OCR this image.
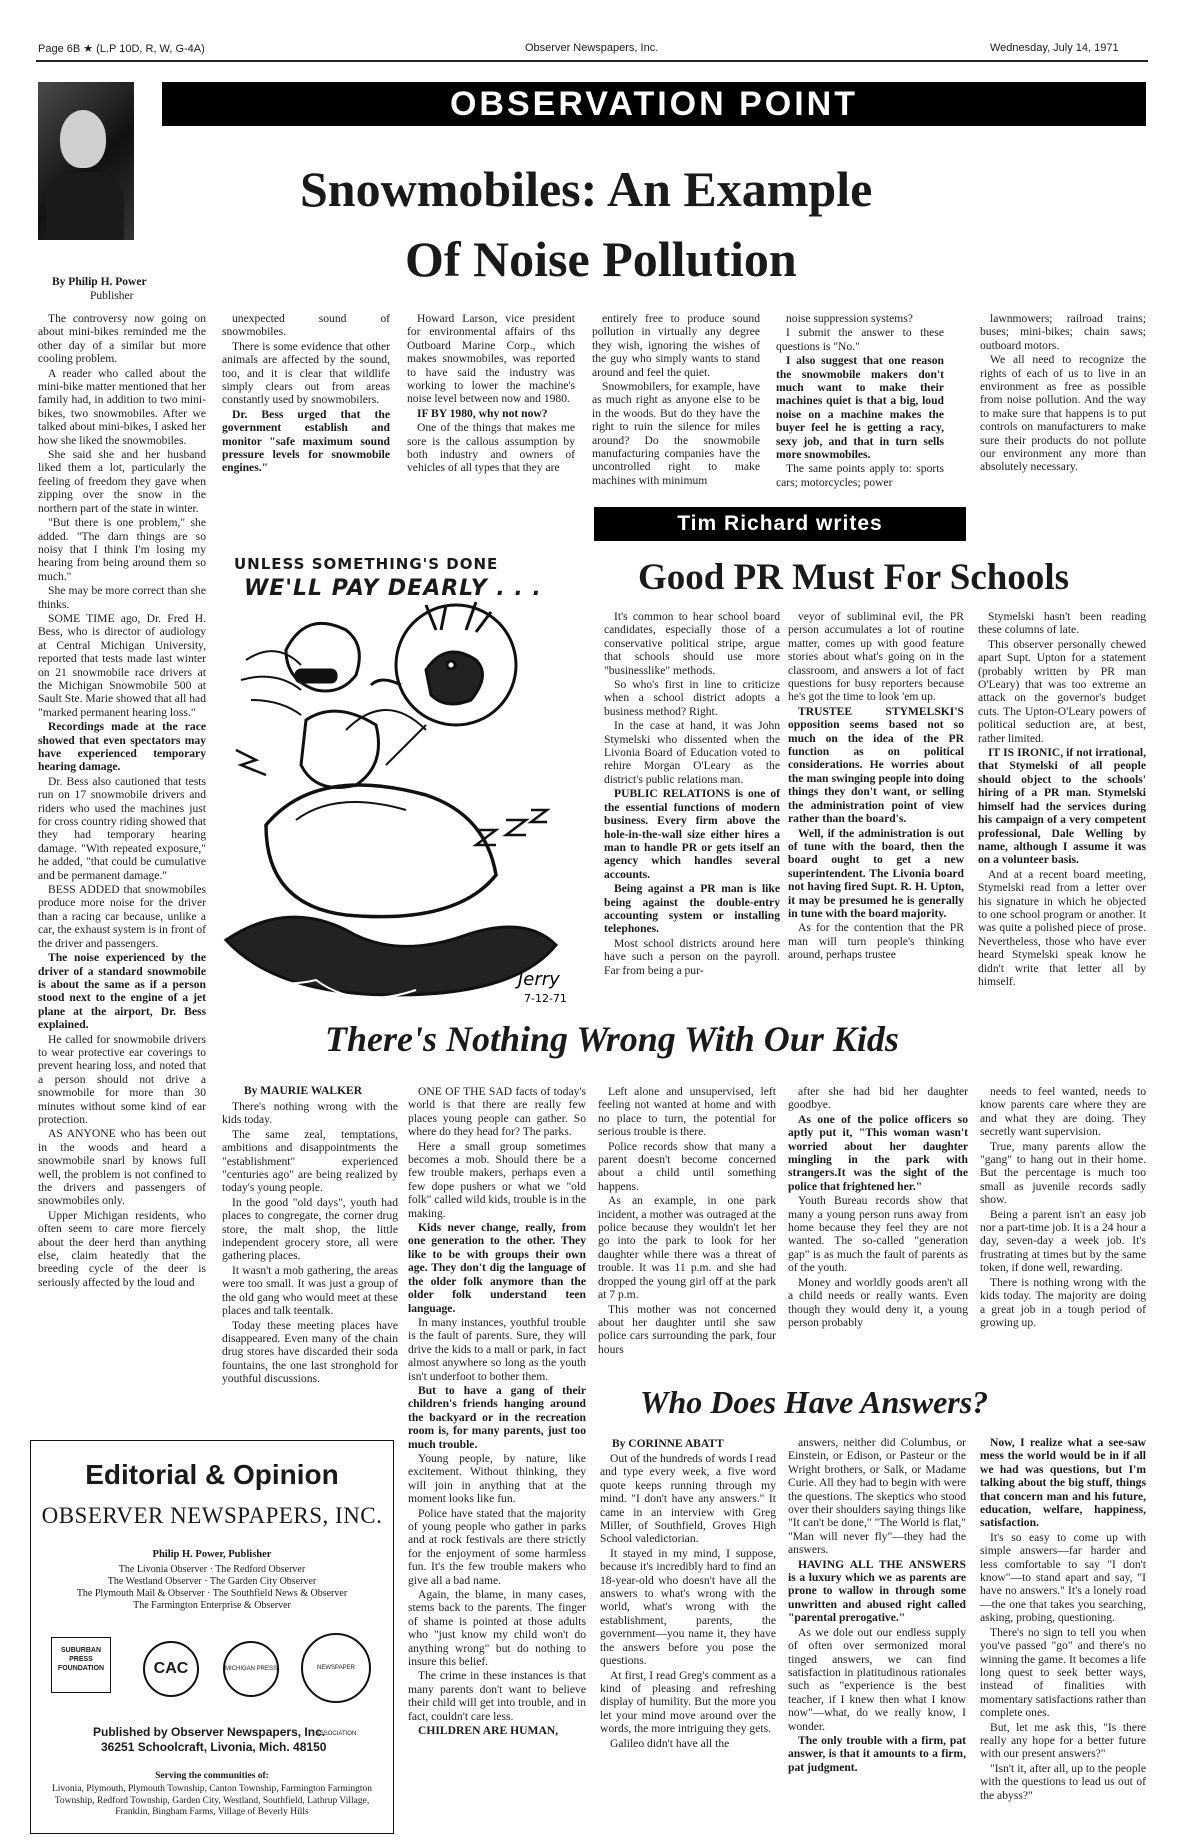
Page 6B ★ (L.P 10D, R, W, G-4A)	Observer Newspapers, Inc.	Wednesday, July 14, 1971
By Philip H. Power
Publisher
OBSERVATION POINT
Snowmobiles: An Example
Of Noise Pollution

The controversy now going on about mini-bikes reminded me the other day of a similar but more cooling problem.

A reader who called about the mini-bike matter mentioned that her family had, in addition to two mini-bikes, two snowmobiles. After we talked about mini-bikes, I asked her how she liked the snowmobiles.

She said she and her husband liked them a lot, particularly the feeling of freedom they gave when zipping over the snow in the northern part of the state in winter.

"But there is one problem," she added. "The darn things are so noisy that I think I'm losing my hearing from being around them so much."

She may be more correct than she thinks.

SOME TIME ago, Dr. Fred H. Bess, who is director of audiology at Central Michigan University, reported that tests made last winter on 21 snowmobile race drivers at the Michigan Snowmobile 500 at Sault Ste. Marie showed that all had "marked permanent hearing loss."

Recordings made at the race showed that even spectators may have experienced temporary hearing damage.

Dr. Bess also cautioned that tests run on 17 snowmobile drivers and riders who used the machines just for cross country riding showed that they had temporary hearing damage. "With repeated exposure," he added, "that could be cumulative and be permanent damage."

BESS ADDED that snowmobiles produce more noise for the driver than a racing car because, unlike a car, the exhaust system is in front of the driver and passengers.

The noise experienced by the driver of a standard snowmobile is about the same as if a person stood next to the engine of a jet plane at the airport, Dr. Bess explained.

He called for snowmobile drivers to wear protective ear coverings to prevent hearing loss, and noted that a person should not drive a snowmobile for more than 30 minutes without some kind of ear protection.

AS ANYONE who has been out in the woods and heard a snowmobile snarl by knows full well, the problem is not confined to the drivers and passengers of snowmobiles only.

Upper Michigan residents, who often seem to care more fiercely about the deer herd than anything else, claim heatedly that the breeding cycle of the deer is seriously affected by the loud and

unexpected sound of snowmobiles.

There is some evidence that other animals are affected by the sound, too, and it is clear that wildlife simply clears out from areas constantly used by snowmobilers.

Dr. Bess urged that the government establish and monitor "safe maximum sound pressure levels for snowmobile engines."

Howard Larson, vice president for environmental affairs of ths Outboard Marine Corp., which makes snowmobiles, was reported to have said the industry was working to lower the machine's noise level between now and 1980.

IF BY 1980, why not now?

One of the things that makes me sore is the callous assumption by both industry and owners of vehicles of all types that they are

entirely free to produce sound pollution in virtually any degree they wish, ignoring the wishes of the guy who simply wants to stand around and feel the quiet.

Snowmobilers, for example, have as much right as anyone else to be in the woods. But do they have the right to ruin the silence for miles around? Do the snowmobile manufacturing companies have the uncontrolled right to make machines with minimum

noise suppression systems?

I submit the answer to these questions is "No."

I also suggest that one reason the snowmobile makers don't much want to make their machines quiet is that a big, loud noise on a machine makes the buyer feel he is getting a racy, sexy job, and that in turn sells more snowmobiles.

The same points apply to: sports cars; motorcycles; power

lawnmowers; railroad trains; buses; mini-bikes; chain saws; outboard motors.

We all need to recognize the rights of each of us to live in an environment as free as possible from noise pollution. And the way to make sure that happens is to put controls on manufacturers to make sure their products do not pollute our environment any more than absolutely necessary.

UNLESS SOMETHING'S DONE
WE'LL PAY DEARLY . . .
Jerry
7-12-71
Tim Richard writes
Good PR Must For Schools

It's common to hear school board candidates, especially those of a conservative political stripe, argue that schools should use more "businesslike" methods.

So who's first in line to criticize when a school district adopts a business method? Right.

In the case at hand, it was John Stymelski who dissented when the Livonia Board of Education voted to rehire Morgan O'Leary as the district's public relations man.

PUBLIC RELATIONS is one of the essential functions of modern business. Every firm above the hole-in-the-wall size either hires a man to handle PR or gets itself an agency which handles several accounts.

Being against a PR man is like being against the double-entry accounting system or installing telephones.

Most school districts around here have such a person on the payroll. Far from being a pur-

veyor of subliminal evil, the PR person accumulates a lot of routine matter, comes up with good feature stories about what's going on in the classroom, and answers a lot of fact questions for busy reporters because he's got the time to look 'em up.

TRUSTEE STYMELSKI'S opposition seems based not so much on the idea of the PR function as on political considerations. He worries about the man swinging people into doing things they don't want, or selling the administration point of view rather than the board's.

Well, if the administration is out of tune with the board, then the board ought to get a new superintendent. The Livonia board not having fired Supt. R. H. Upton, it may be presumed he is generally in tune with the board majority.

As for the contention that the PR man will turn people's thinking around, perhaps trustee

Stymelski hasn't been reading these columns of late.

This observer personally chewed apart Supt. Upton for a statement (probably written by PR man O'Leary) that was too extreme an attack on the governor's budget cuts. The Upton-O'Leary powers of political seduction are, at best, rather limited.

IT IS IRONIC, if not irrational, that Stymelski of all people should object to the schools' hiring of a PR man. Stymelski himself had the services during his campaign of a very competent professional, Dale Welling by name, although I assume it was on a volunteer basis.

And at a recent board meeting, Stymelski read from a letter over his signature in which he objected to one school program or another. It was quite a polished piece of prose. Nevertheless, those who have ever heard Stymelski speak know he didn't write that letter all by himself.

There's Nothing Wrong With Our Kids
By MAURIE WALKER

There's nothing wrong with the kids today.

The same zeal, temptations, ambitions and disappointments the "establishment" experienced "centuries ago" are being realized by today's young people.

In the good "old days", youth had places to congregate, the corner drug store, the malt shop, the little independent grocery store, all were gathering places.

It wasn't a mob gathering, the areas were too small. It was just a group of the old gang who would meet at these places and talk teentalk.

Today these meeting places have disappeared. Even many of the chain drug stores have discarded their soda fountains, the one last stronghold for youthful discussions.

ONE OF THE SAD facts of today's world is that there are really few places young people can gather. So where do they head for? The parks.

Here a small group sometimes becomes a mob. Should there be a few trouble makers, perhaps even a few dope pushers or what we "old folk" called wild kids, trouble is in the making.

Kids never change, really, from one generation to the other. They like to be with groups their own age. They don't dig the language of the older folk anymore than the older folk understand teen language.

In many instances, youthful trouble is the fault of parents. Sure, they will drive the kids to a mall or park, in fact almost anywhere so long as the youth isn't underfoot to bother them.

But to have a gang of their children's friends hanging around the backyard or in the recreation room is, for many parents, just too much trouble.

Young people, by nature, like excitement. Without thinking, they will join in anything that at the moment looks like fun.

Police have stated that the majority of young people who gather in parks and at rock festivals are there strictly for the enjoyment of some harmless fun. It's the few trouble makers who give all a bad name.

Again, the blame, in many cases, stems back to the parents. The finger of shame is pointed at those adults who "just know my child won't do anything wrong" but do nothing to insure this belief.

The crime in these instances is that many parents don't want to believe their child will get into trouble, and in fact, couldn't care less.

CHILDREN ARE HUMAN,

Left alone and unsupervised, left feeling not wanted at home and with no place to turn, the potential for serious trouble is there.

Police records show that many a parent doesn't become concerned about a child until something happens.

As an example, in one park incident, a mother was outraged at the police because they wouldn't let her go into the park to look for her daughter while there was a threat of trouble. It was 11 p.m. and she had dropped the young girl off at the park at 7 p.m.

This mother was not concerned about her daughter until she saw police cars surrounding the park, four hours

after she had bid her daughter goodbye.

As one of the police officers so aptly put it, "This woman wasn't worried about her daughter mingling in the park with strangers.It was the sight of the police that frightened her."

Youth Bureau records show that many a young person runs away from home because they feel they are not wanted. The so-called "generation gap" is as much the fault of parents as of the youth.

Money and worldly goods aren't all a child needs or really wants. Even though they would deny it, a young person probably

needs to feel wanted, needs to know parents care where they are and what they are doing. They secretly want supervision.

True, many parents allow the "gang" to hang out in their home. But the percentage is much too small as juvenile records sadly show.

Being a parent isn't an easy job nor a part-time job. It is a 24 hour a day, seven-day a week job. It's frustrating at times but by the same token, if done well, rewarding.

There is nothing wrong with the kids today. The majority are doing a great job in a tough period of growing up.

Editorial & Opinion
OBSERVER NEWSPAPERS, INC.
Philip H. Power, Publisher
The Livonia Observer · The Redford Observer
The Westland Observer · The Garden City Observer
The Plymouth Mail & Observer · The Southfield News & Observer
The Farmington Enterprise & Observer
SUBURBAN PRESS FOUNDATION	CAC	MICHIGAN PRESS	NEWSPAPER ASSOCIATION
Published by Observer Newspapers, Inc.
36251 Schoolcraft, Livonia, Mich. 48150
Serving the communities of:
Livonia, Plymouth, Plymouth Township, Canton Township, Farmington Farmington Township, Redford Township, Garden City, Westland, Southfield, Lathrup Village, Franklin, Bingham Farms, Village of Beverly Hills
Who Does Have Answers?
By CORINNE ABATT

Out of the hundreds of words I read and type every week, a five word quote keeps running through my mind. "I don't have any answers." It came in an interview with Greg Miller, of Southfield, Groves High School valedictorian.

It stayed in my mind, I suppose, because it's incredibly hard to find an 18-year-old who doesn't have all the answers to what's wrong with the world, what's wrong with the establishment, parents, the government—you name it, they have the answers before you pose the questions.

At first, I read Greg's comment as a kind of pleasing and refreshing display of humility. But the more you let your mind move around over the words, the more intriguing they gets.

Galileo didn't have all the

answers, neither did Columbus, or Einstein, or Edison, or Pasteur or the Wright brothers, or Salk, or Madame Curie. All they had to begin with were the questions. The skeptics who stood over their shoulders saying things like "It can't be done," "The World is flat," "Man will never fly"—they had the answers.

HAVING ALL THE ANSWERS is a luxury which we as parents are prone to wallow in through some unwritten and abused right called "parental prerogative."

As we dole out our endless supply of often over sermonized moral tinged answers, we can find satisfaction in platitudinous rationales such as "experience is the best teacher, if I knew then what I know now"—what, do we really know, I wonder.

The only trouble with a firm, pat answer, is that it amounts to a firm, pat judgment.

Now, I realize what a see-saw mess the world would be in if all we had was questions, but I'm talking about the big stuff, things that concern man and his future, education, welfare, happiness, satisfaction.

It's so easy to come up with simple answers—far harder and less comfortable to say "I don't know"—to stand apart and say, "I have no answers." It's a lonely road—the one that takes you searching, asking, probing, questioning.

There's no sign to tell you when you've passed "go" and there's no winning the game. It becomes a life long quest to seek better ways, instead of finalities with momentary satisfactions rather than complete ones.

But, let me ask this, "Is there really any hope for a better future with our present answers?"

"Isn't it, after all, up to the people with the questions to lead us out of the abyss?"
